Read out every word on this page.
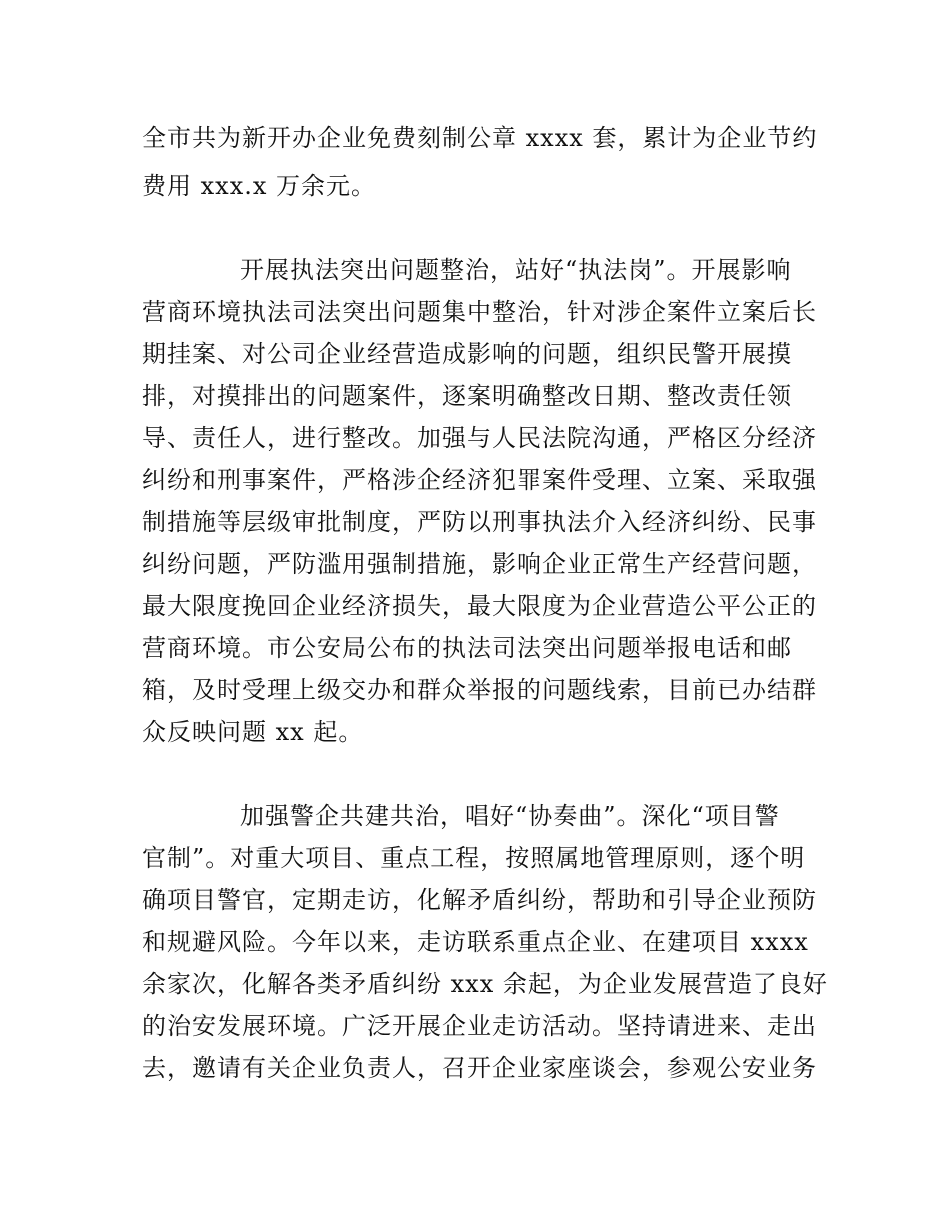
全市共为新开办企业免费刻制公章 xxxx 套，累计为企业节约
费用 xxx.x 万余元。
开展执法突出问题整治，站好“执法岗”。开展影响
营商环境执法司法突出问题集中整治，针对涉企案件立案后长
期挂案、对公司企业经营造成影响的问题，组织民警开展摸
排，对摸排出的问题案件，逐案明确整改日期、整改责任领
导、责任人，进行整改。加强与人民法院沟通，严格区分经济
纠纷和刑事案件，严格涉企经济犯罪案件受理、立案、采取强
制措施等层级审批制度，严防以刑事执法介入经济纠纷、民事
纠纷问题，严防滥用强制措施，影响企业正常生产经营问题，
最大限度挽回企业经济损失，最大限度为企业营造公平公正的
营商环境。市公安局公布的执法司法突出问题举报电话和邮
箱，及时受理上级交办和群众举报的问题线索，目前已办结群
众反映问题 xx 起。
加强警企共建共治，唱好“协奏曲”。深化“项目警
官制”。对重大项目、重点工程，按照属地管理原则，逐个明
确项目警官，定期走访，化解矛盾纠纷，帮助和引导企业预防
和规避风险。今年以来，走访联系重点企业、在建项目 xxxx
余家次，化解各类矛盾纠纷 xxx 余起，为企业发展营造了良好
的治安发展环境。广泛开展企业走访活动。坚持请进来、走出
去，邀请有关企业负责人，召开企业家座谈会，参观公安业务
